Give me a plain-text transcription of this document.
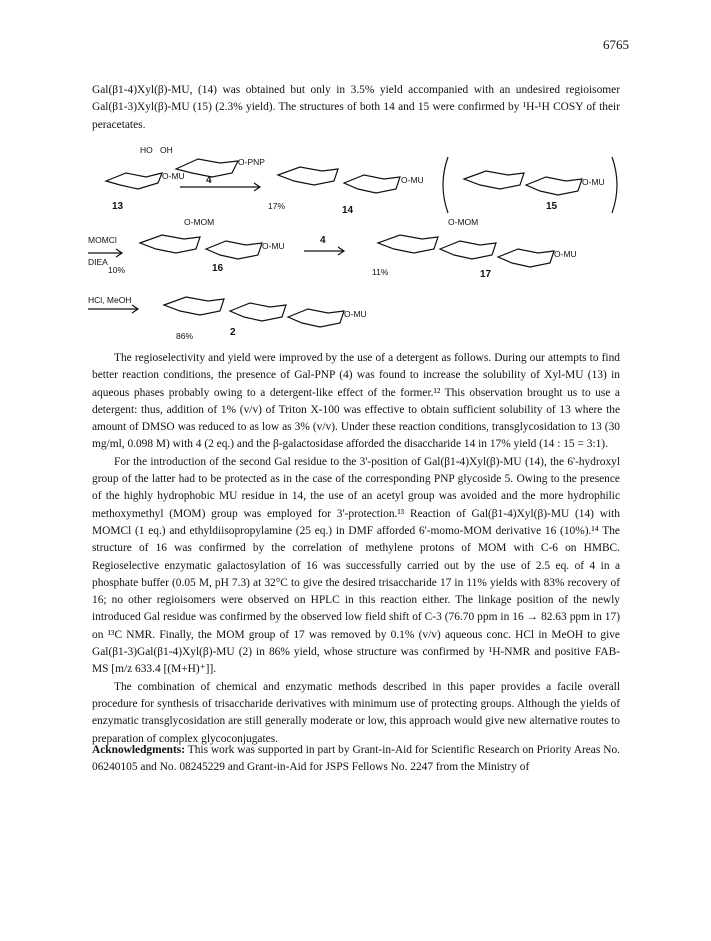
6765

Gal(β1-4)Xyl(β)-MU, (14) was obtained but only in 3.5% yield accompanied with an undesired regioisomer Gal(β1-3)Xyl(β)-MU (15) (2.3% yield). The structures of both 14 and 15 were confirmed by ¹H-¹H COSY of their peracetates.

HO OH
O-MU
O-PNP
O-MU	O-MU
O-MOM
O-MU
O-MOM
O-MU
O-MU
MOMCl
DIEA
HCl, MeOH
13
4
14	15
16
4
17
2
17%
10%	11%
86%

The regioselectivity and yield were improved by the use of a detergent as follows. During our attempts to find better reaction conditions, the presence of Gal-PNP (4) was found to increase the solubility of Xyl-MU (13) in aqueous phases probably owing to a detergent-like effect of the former.¹² This observation brought us to use a detergent: thus, addition of 1% (v/v) of Triton X-100 was effective to obtain sufficient solubility of 13 where the amount of DMSO was reduced to as low as 3% (v/v). Under these reaction conditions, transglycosidation to 13 (30 mg/ml, 0.098 M) with 4 (2 eq.) and the β-galactosidase afforded the disaccharide 14 in 17% yield (14 : 15 = 3:1).

For the introduction of the second Gal residue to the 3'-position of Gal(β1-4)Xyl(β)-MU (14), the 6'-hydroxyl group of the latter had to be protected as in the case of the corresponding PNP glycoside 5. Owing to the presence of the highly hydrophobic MU residue in 14, the use of an acetyl group was avoided and the more hydrophilic methoxymethyl (MOM) group was employed for 3'-protection.¹³ Reaction of Gal(β1-4)Xyl(β)-MU (14) with MOMCl (1 eq.) and ethyldiisopropylamine (25 eq.) in DMF afforded 6'-momo-MOM derivative 16 (10%).¹⁴ The structure of 16 was confirmed by the correlation of methylene protons of MOM with C-6 on HMBC. Regioselective enzymatic galactosylation of 16 was successfully carried out by the use of 2.5 eq. of 4 in a phosphate buffer (0.05 M, pH 7.3) at 32°C to give the desired trisaccharide 17 in 11% yields with 83% recovery of 16; no other regioisomers were observed on HPLC in this reaction either. The linkage position of the newly introduced Gal residue was confirmed by the observed low field shift of C-3 (76.70 ppm in 16 → 82.63 ppm in 17) on ¹³C NMR. Finally, the MOM group of 17 was removed by 0.1% (v/v) aqueous conc. HCl in MeOH to give Gal(β1-3)Gal(β1-4)Xyl(β)-MU (2) in 86% yield, whose structure was confirmed by ¹H-NMR and positive FAB-MS [m/z 633.4 [(M+H)⁺]].

The combination of chemical and enzymatic methods described in this paper provides a facile overall procedure for synthesis of trisaccharide derivatives with minimum use of protecting groups. Although the yields of enzymatic transglycosidation are still generally moderate or low, this approach would give new alternative routes to preparation of complex glycoconjugates.

Acknowledgments: This work was supported in part by Grant-in-Aid for Scientific Research on Priority Areas No. 06240105 and No. 08245229 and Grant-in-Aid for JSPS Fellows No. 2247 from the Ministry of
